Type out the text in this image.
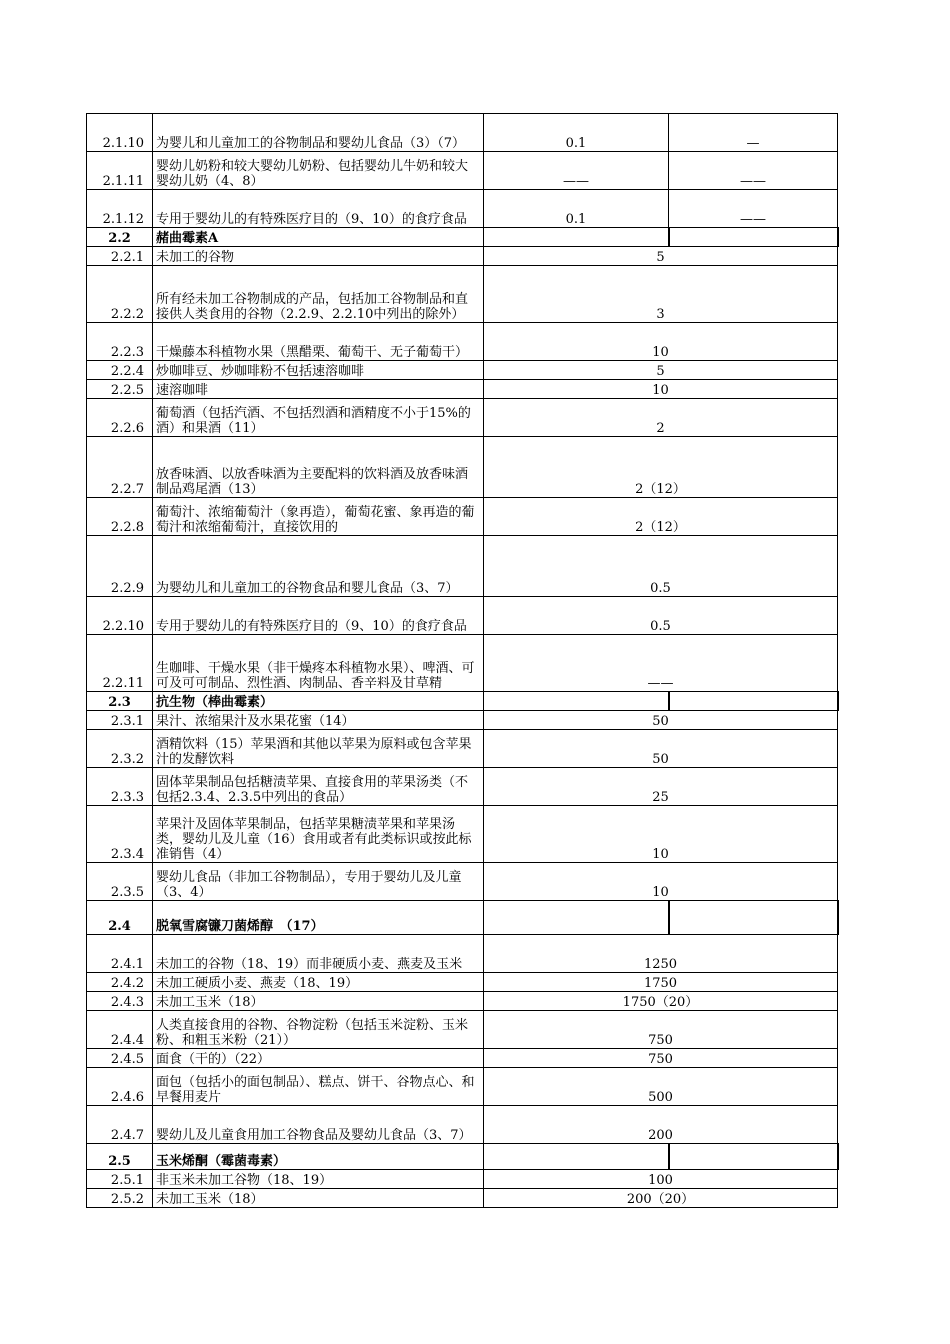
2.1.10	为婴儿和儿童加工的谷物制品和婴幼儿食品（3）（7）	0.1	—
2.1.11	婴幼儿奶粉和较大婴幼儿奶粉、包括婴幼儿牛奶和较大婴幼儿奶（4、8）	——	——
2.1.12	专用于婴幼儿的有特殊医疗目的（9、10）的食疗食品	0.1	——
2.2	赭曲霉素A		
2.2.1	未加工的谷物	5	
2.2.2	所有经未加工谷物制成的产品，包括加工谷物制品和直接供人类食用的谷物（2.2.9、2.2.10中列出的除外）	3	
2.2.3	干燥藤本科植物水果（黑醋栗、葡萄干、无子葡萄干）	10	
2.2.4	炒咖啡豆、炒咖啡粉不包括速溶咖啡	5	
2.2.5	速溶咖啡	10	
2.2.6	葡萄酒（包括汽酒、不包括烈酒和酒精度不小于15%的酒）和果酒（11）	2	
2.2.7	放香味酒、以放香味酒为主要配料的饮料酒及放香味酒制品鸡尾酒（13）	2（12）	
2.2.8	葡萄汁、浓缩葡萄汁（象再造），葡萄花蜜、象再造的葡萄汁和浓缩葡萄汁，直接饮用的	2（12）	
2.2.9	为婴幼儿和儿童加工的谷物食品和婴儿食品（3、7）	0.5	
2.2.10	专用于婴幼儿的有特殊医疗目的（9、10）的食疗食品	0.5	
2.2.11	生咖啡、干燥水果（非干燥疼本科植物水果）、啤酒、可可及可可制品、烈性酒、肉制品、香辛料及甘草精	——	
2.3	抗生物（棒曲霉素）		
2.3.1	果汁、浓缩果汁及水果花蜜（14）	50	
2.3.2	酒精饮料（15）苹果酒和其他以苹果为原料或包含苹果汁的发酵饮料	50	
2.3.3	固体苹果制品包括糖渍苹果、直接食用的苹果汤类（不包括2.3.4、2.3.5中列出的食品）	25	
2.3.4	苹果汁及固体苹果制品，包括苹果糖渍苹果和苹果汤类，婴幼儿及儿童（16）食用或者有此类标识或按此标准销售（4）	10	
2.3.5	婴幼儿食品（非加工谷物制品），专用于婴幼儿及儿童（3、4）	10	
2.4	脱氧雪腐镰刀菌烯醇　（17）		
2.4.1	未加工的谷物（18、19）而非硬质小麦、燕麦及玉米	1250	
2.4.2	未加工硬质小麦、燕麦（18、19）	1750	
2.4.3	未加工玉米（18）	1750（20）	
2.4.4	人类直接食用的谷物、谷物淀粉（包括玉米淀粉、玉米粉、和粗玉米粉（21））	750	
2.4.5	面食（干的）（22）	750	
2.4.6	面包（包括小的面包制品）、糕点、饼干、谷物点心、和早餐用麦片	500	
2.4.7	婴幼儿及儿童食用加工谷物食品及婴幼儿食品（3、7）	200	
2.5	玉米烯酮（霉菌毒素）		
2.5.1	非玉米未加工谷物（18、19）	100	
2.5.2	未加工玉米（18）	200（20）	
